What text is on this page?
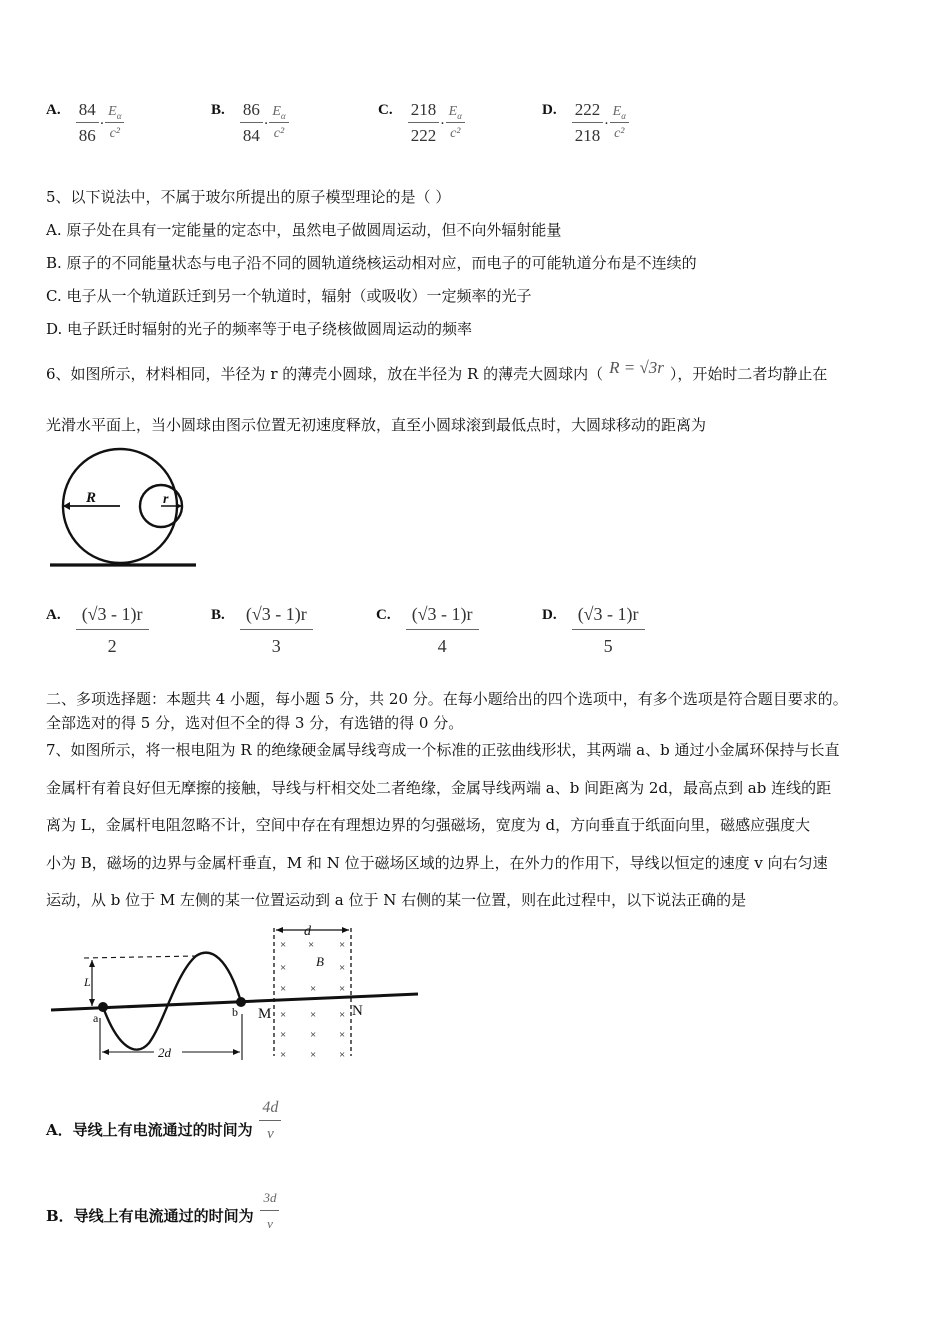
A. $\frac{84}{86} \cdot \frac{E_\alpha}{\text{c²}}$	B. $\frac{86}{84} \cdot \frac{E_\alpha}{\text{c²}}$	C. $\frac{218}{222} \cdot \frac{E_\alpha}{\text{c²}}$	D. $\frac{222}{218} \cdot \frac{E_\alpha}{\text{c²}}$
5、以下说法中，不属于玻尔所提出的原子模型理论的是（ ）
A. 原子处在具有一定能量的定态中，虽然电子做圆周运动，但不向外辐射能量
B. 原子的不同能量状态与电子沿不同的圆轨道绕核运动相对应，而电子的可能轨道分布是不连续的
C. 电子从一个轨道跃迁到另一个轨道时，辐射（或吸收）一定频率的光子
D. 电子跃迁时辐射的光子的频率等于电子绕核做圆周运动的频率
6、如图所示，材料相同，半径为 r 的薄壳小圆球，放在半径为 R 的薄壳大圆球内（ R = √3r ），开始时二者均静止在
光滑水平面上，当小圆球由图示位置无初速度释放，直至小圆球滚到最低点时，大圆球移动的距离为
R	r
A. $\frac{(√3 - 1)r}{2}$	B. $\frac{(√3 - 1)r}{3}$	C. $\frac{(√3 - 1)r}{4}$	D. $\frac{(√3 - 1)r}{5}$
二、多项选择题：本题共 4 小题，每小题 5 分，共 20 分。在每小题给出的四个选项中，有多个选项是符合题目要求的。
全部选对的得 5 分，选对但不全的得 3 分，有选错的得 0 分。
7、如图所示，将一根电阻为 R 的绝缘硬金属导线弯成一个标准的正弦曲线形状，其两端 a、b 通过小金属环保持与长直
金属杆有着良好但无摩擦的接触，导线与杆相交处二者绝缘，金属导线两端 a、b 间距离为 2d，最高点到 ab 连线的距
离为 L，金属杆电阻忽略不计，空间中存在有理想边界的匀强磁场，宽度为 d，方向垂直于纸面向里，磁感应强度大
小为 B，磁场的边界与金属杆垂直，M 和 N 位于磁场区域的边界上，在外力的作用下，导线以恒定的速度 v 向右匀速
运动，从 b 位于 M 左侧的某一位置运动到 a 位于 N 右侧的某一位置，则在此过程中，以下说法正确的是
d
× × ×
×	×
× × ×
× × ×
× × ×
× × ×
B
L
a	b M	N
2d
A．导线上有电流通过的时间为 $\frac{4d}{v}$
B．导线上有电流通过的时间为 $\frac{3d}{v}$
